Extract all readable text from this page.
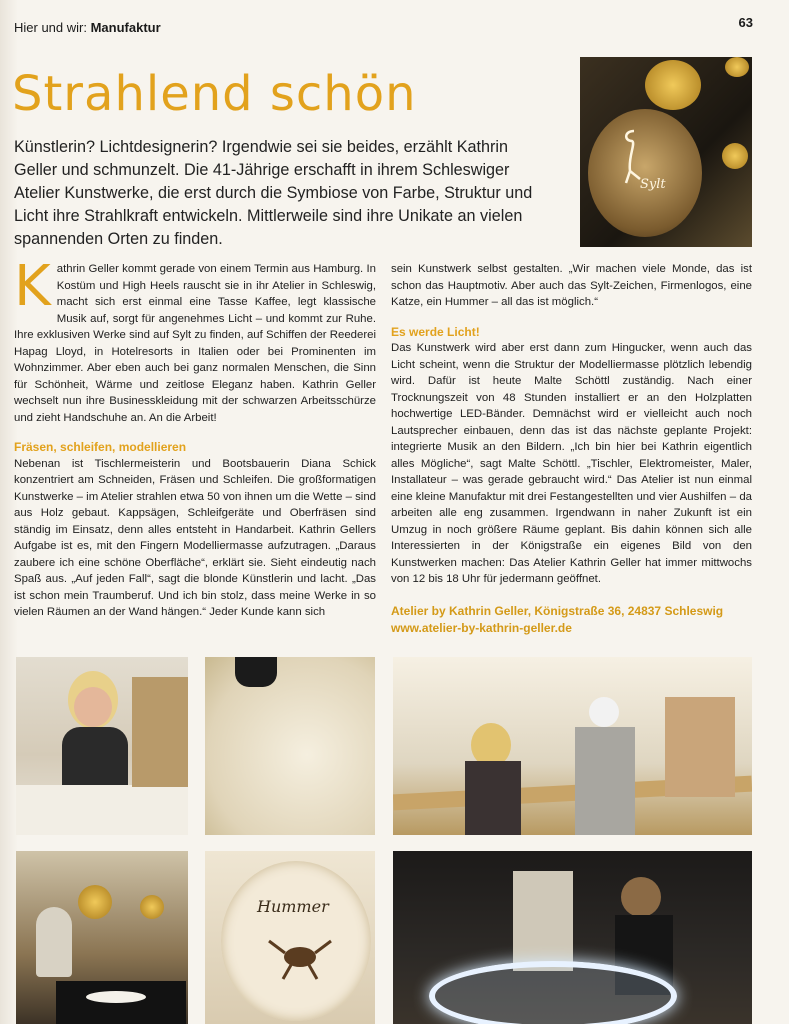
Hier und wir: Manufaktur	63
Strahlend schön

Künstlerin? Lichtdesignerin? Irgendwie sei sie beides, erzählt Kathrin Geller und schmunzelt. Die 41-Jährige erschafft in ihrem Schleswiger Atelier Kunstwerke, die erst durch die Symbiose von Farbe, Struktur und Licht ihre Strahlkraft entwickeln. Mittlerweile sind ihre Unikate an vielen spannenden Orten zu finden.

Sylt

Kathrin Geller kommt gerade von einem Termin aus Hamburg. In Kostüm und High Heels rauscht sie in ihr Atelier in Schleswig, macht sich erst einmal eine Tasse Kaffee, legt klassische Musik auf, sorgt für angenehmes Licht – und kommt zur Ruhe. Ihre exklusiven Werke sind auf Sylt zu finden, auf Schiffen der Reederei Hapag Lloyd, in Hotelresorts in Italien oder bei Prominenten im Wohnzimmer. Aber eben auch bei ganz normalen Menschen, die Sinn für Schönheit, Wärme und zeitlose Eleganz haben. Kathrin Geller wechselt nun ihre Businesskleidung mit der schwarzen Arbeitsschürze und zieht Handschuhe an. An die Arbeit!

Fräsen, schleifen, modellieren

Nebenan ist Tischlermeisterin und Bootsbauerin Diana Schick konzentriert am Schneiden, Fräsen und Schleifen. Die großformatigen Kunstwerke – im Atelier strahlen etwa 50 von ihnen um die Wette – sind aus Holz gebaut. Kappsägen, Schleifgeräte und Oberfräsen sind ständig im Einsatz, denn alles entsteht in Handarbeit. Kathrin Gellers Aufgabe ist es, mit den Fingern Modelliermasse aufzutragen. „Daraus zaubere ich eine schöne Oberfläche“, erklärt sie. Sieht eindeutig nach Spaß aus. „Auf jeden Fall“, sagt die blonde Künstlerin und lacht. „Das ist schon mein Traumberuf. Und ich bin stolz, dass meine Werke in so vielen Räumen an der Wand hängen.“ Jeder Kunde kann sich

sein Kunstwerk selbst gestalten. „Wir machen viele Monde, das ist schon das Hauptmotiv. Aber auch das Sylt-Zeichen, Firmenlogos, eine Katze, ein Hummer – all das ist möglich.“

Es werde Licht!

Das Kunstwerk wird aber erst dann zum Hingucker, wenn auch das Licht scheint, wenn die Struktur der Modelliermasse plötzlich lebendig wird. Dafür ist heute Malte Schöttl zuständig. Nach einer Trocknungszeit von 48 Stunden installiert er an den Holzplatten hochwertige LED-Bänder. Demnächst wird er vielleicht auch noch Lautsprecher einbauen, denn das ist das nächste geplante Projekt: integrierte Musik an den Bildern. „Ich bin hier bei Kathrin eigentlich alles Mögliche“, sagt Malte Schöttl. „Tischler, Elektromeister, Maler, Installateur – was gerade gebraucht wird.“ Das Atelier ist nun einmal eine kleine Manufaktur mit drei Festangestellten und vier Aushilfen – da arbeiten alle eng zusammen. Irgendwann in naher Zukunft ist ein Umzug in noch größere Räume geplant. Bis dahin können sich alle Interessierten in der Königstraße ein eigenes Bild von den Kunstwerken machen: Das Atelier Kathrin Geller hat immer mittwochs von 12 bis 18 Uhr für jedermann geöffnet.

Atelier by Kathrin Geller, Königstraße 36, 24837 Schleswig
www.atelier-by-kathrin-geller.de
Hummer
